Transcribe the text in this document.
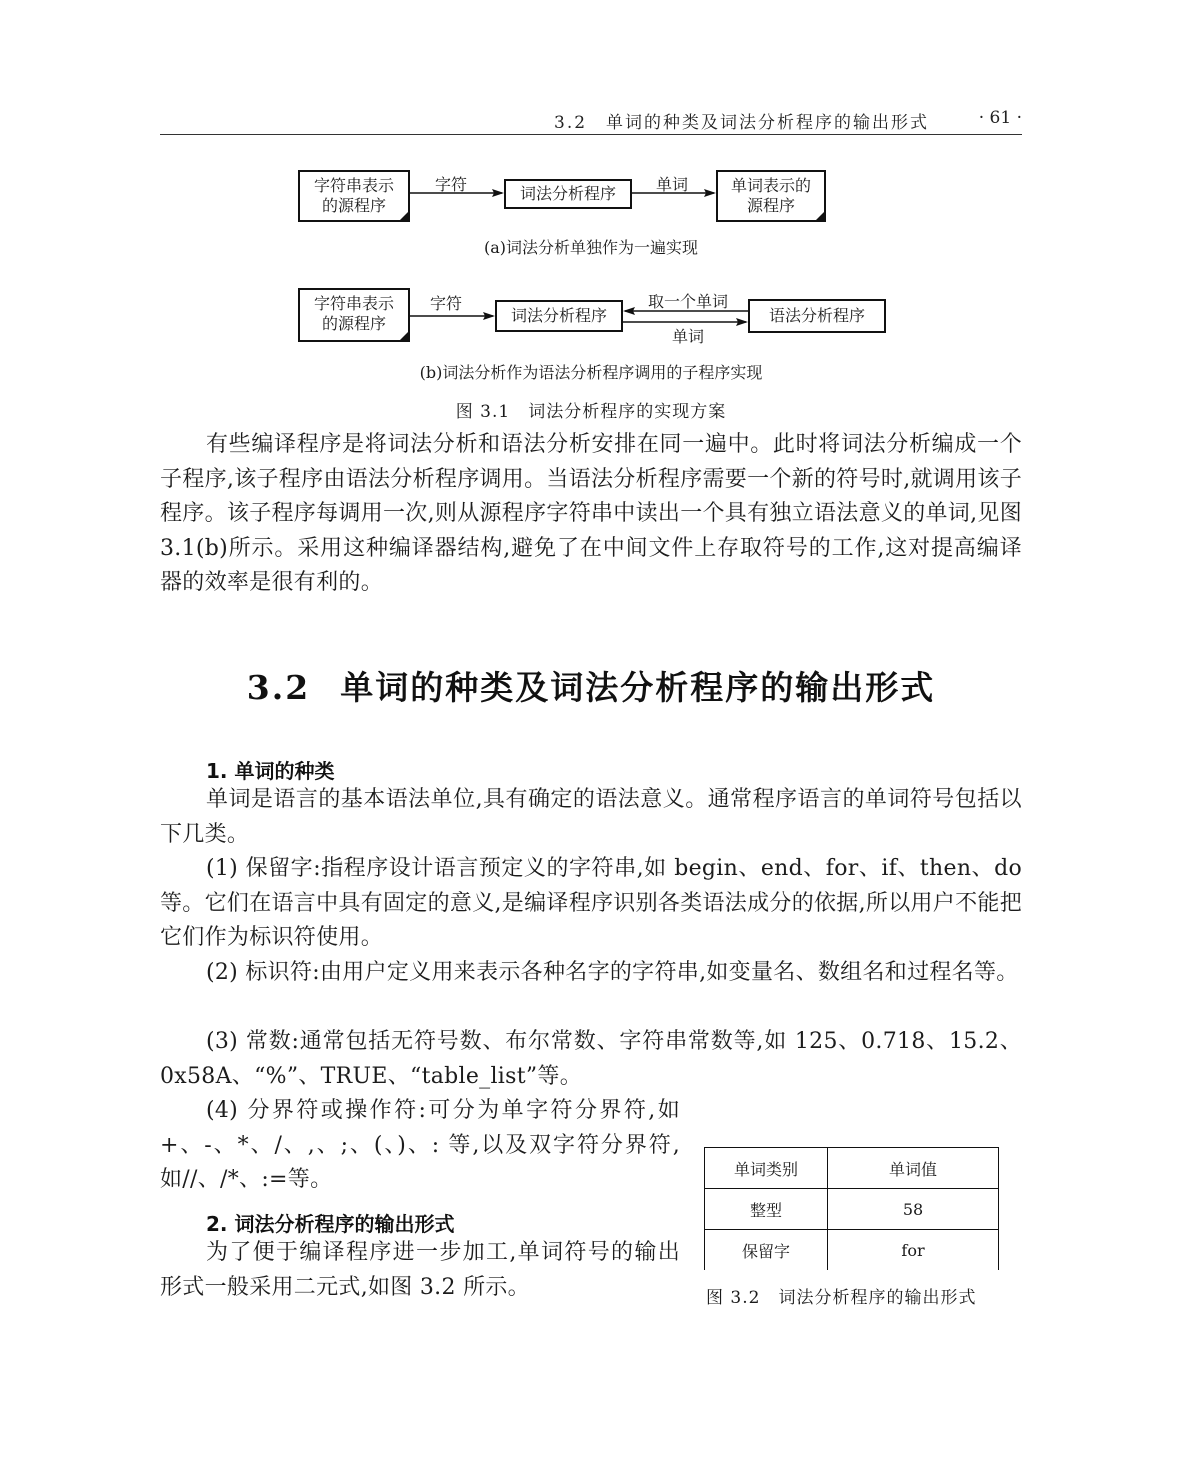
3.2　单词的种类及词法分析程序的输出形式	· 61 ·
字符串表示
的源程序
字符	词法分析程序	单词	单词表示的
源程序
(a)词法分析单独作为一遍实现
字符串表示
的源程序
字符
词法分析程序
取一个单词
单词
语法分析程序
(b)词法分析作为语法分析程序调用的子程序实现
图 3.1　词法分析程序的实现方案

有些编译程序是将词法分析和语法分析安排在同一遍中。此时将词法分析编成一个子程序,该子程序由语法分析程序调用。当语法分析程序需要一个新的符号时,就调用该子程序。该子程序每调用一次,则从源程序字符串中读出一个具有独立语法意义的单词,见图 3.1(b)所示。采用这种编译器结构,避免了在中间文件上存取符号的工作,这对提高编译器的效率是很有利的。

3.2 单词的种类及词法分析程序的输出形式
1. 单词的种类

单词是语言的基本语法单位,具有确定的语法意义。通常程序语言的单词符号包括以下几类。

(1) 保留字:指程序设计语言预定义的字符串,如 begin、end、for、if、then、do 等。它们在语言中具有固定的意义,是编译程序识别各类语法成分的依据,所以用户不能把它们作为标识符使用。

(2) 标识符:由用户定义用来表示各种名字的字符串,如变量名、数组名和过程名等。

(3) 常数:通常包括无符号数、布尔常数、字符串常数等,如 125、0.718、15.2、0x58A、“%”、TRUE、“table_list”等。

(4) 分界符或操作符:可分为单字符分界符,如 +、-、*、/、,、;、(、)、: 等,以及双字符分界符,如//、/*、:=等。

2. 词法分析程序的输出形式

为了便于编译程序进一步加工,单词符号的输出形式一般采用二元式,如图 3.2 所示。

单词类别	单词值
整型	58
保留字	for
图 3.2　词法分析程序的输出形式
